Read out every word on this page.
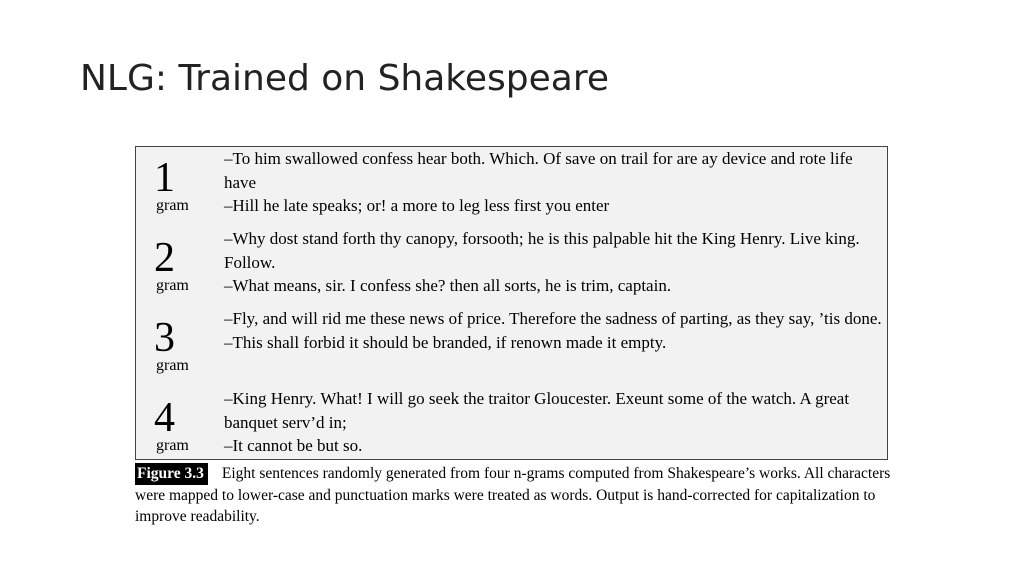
NLG: Trained on Shakespeare
1
gram
–To him swallowed confess hear both. Which. Of save on trail for are ay device and rote life have
–Hill he late speaks; or! a more to leg less first you enter
2
gram
–Why dost stand forth thy canopy, forsooth; he is this palpable hit the King Henry. Live king. Follow.
–What means, sir. I confess she? then all sorts, he is trim, captain.
3
gram
–Fly, and will rid me these news of price. Therefore the sadness of parting, as they say, ’tis done.
–This shall forbid it should be branded, if renown made it empty.
4
gram
–King Henry. What! I will go seek the traitor Gloucester. Exeunt some of the watch. A great banquet serv’d in;
–It cannot be but so.
Figure 3.3 Eight sentences randomly generated from four n-grams computed from Shakespeare’s works. All characters were mapped to lower-case and punctuation marks were treated as words. Output is hand-corrected for capitalization to improve readability.
